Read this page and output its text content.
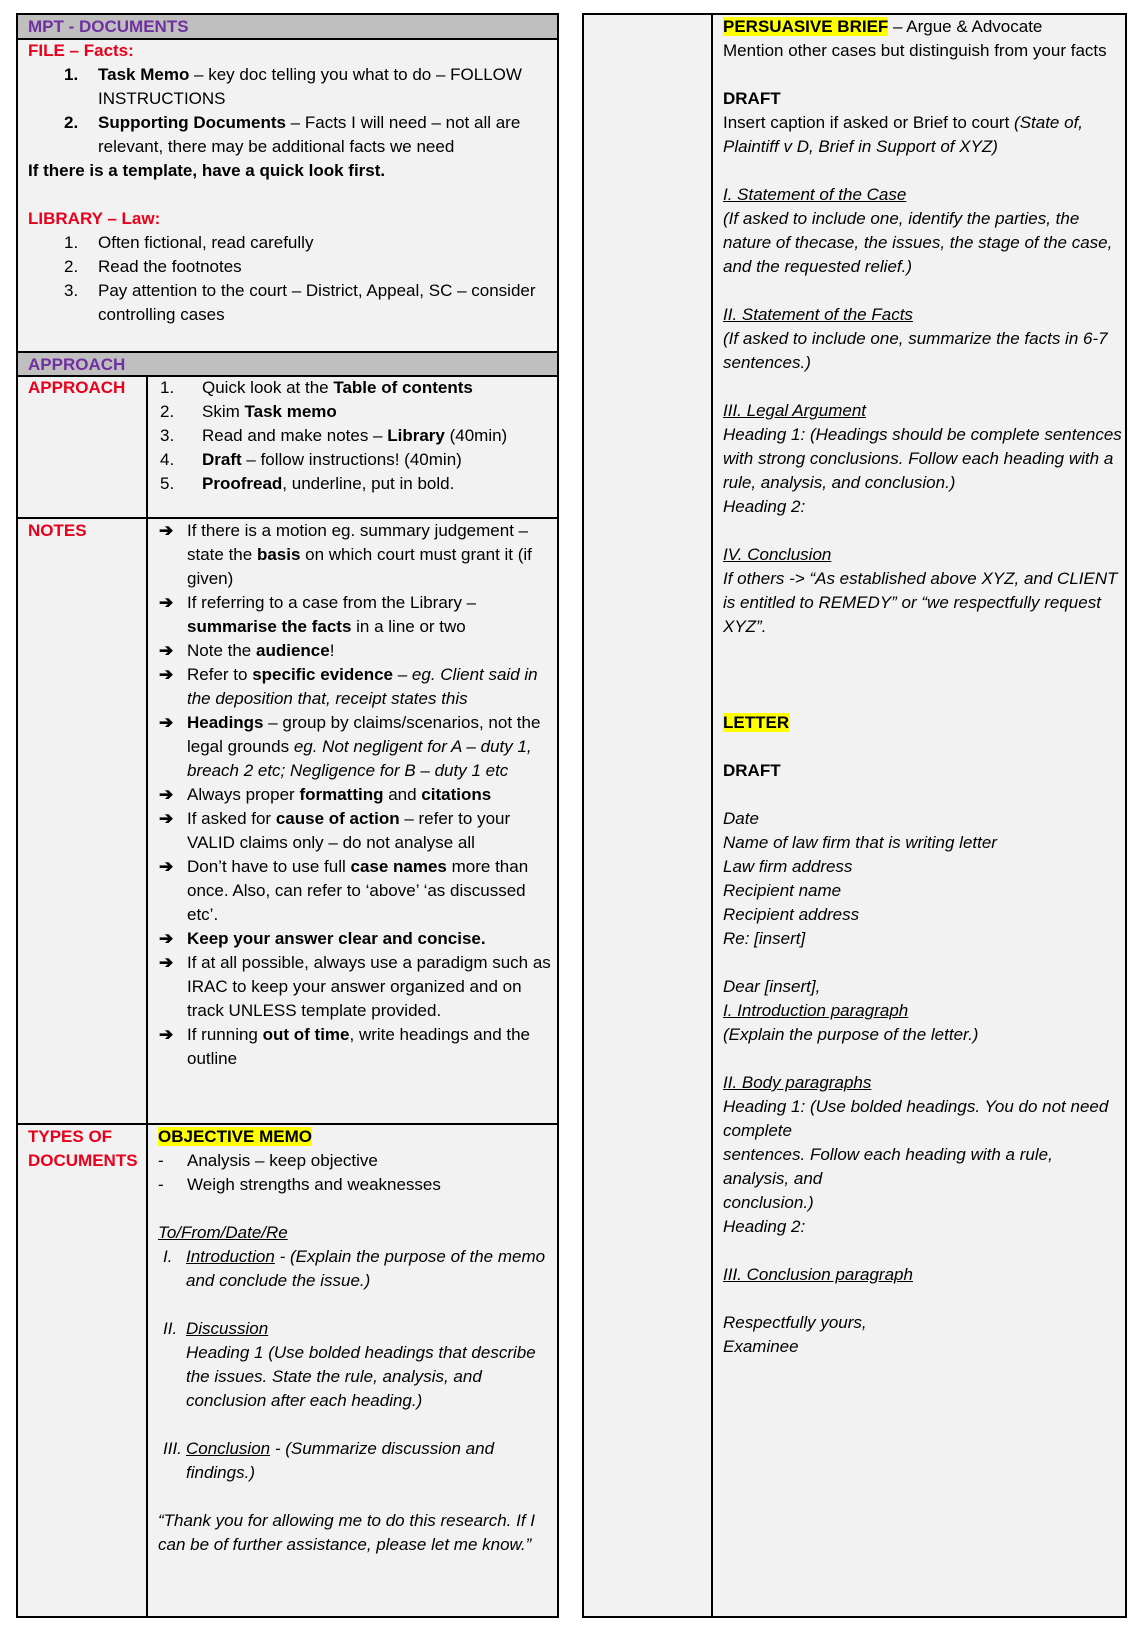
MPT - DOCUMENTS
FILE – Facts:
1. Task Memo – key doc telling you what to do – FOLLOW INSTRUCTIONS
2. Supporting Documents – Facts I will need – not all are relevant, there may be additional facts we need
If there is a template, have a quick look first.
LIBRARY – Law:
1. Often fictional, read carefully
2. Read the footnotes
3. Pay attention to the court – District, Appeal, SC – consider controlling cases
APPROACH
APPROACH 1. Quick look at the Table of contents
2. Skim Task memo
3. Read and make notes – Library (40min)
4. Draft – follow instructions! (40min)
5. Proofread, underline, put in bold.
NOTES	➔ If there is a motion eg. summary judgement – state the basis on which court must grant it (if given)
➔ If referring to a case from the Library – summarise the facts in a line or two
➔ Note the audience!
➔ Refer to specific evidence – eg. Client said in the deposition that, receipt states this
➔ Headings – group by claims/scenarios, not the legal grounds eg. Not negligent for A – duty 1, breach 2 etc; Negligence for B – duty 1 etc
➔ Always proper formatting and citations
➔ If asked for cause of action – refer to your VALID claims only – do not analyse all
➔ Don’t have to use full case names more than once. Also, can refer to ‘above’ ‘as discussed etc’.
➔ Keep your answer clear and concise.
➔ If at all possible, always use a paradigm such as IRAC to keep your answer organized and on track UNLESS template provided.
➔ If running out of time, write headings and the outline
TYPES OF
DOCUMENTS
OBJECTIVE MEMO
- Analysis – keep objective
- Weigh strengths and weaknesses
To/From/Date/Re
I. Introduction - (Explain the purpose of the memo and conclude the issue.)
II. Discussion
Heading 1 (Use bolded headings that describe the issues. State the rule, analysis, and conclusion after each heading.)
III. Conclusion - (Summarize discussion and findings.)
“Thank you for allowing me to do this research. If I can be of further assistance, please let me know.”
PERSUASIVE BRIEF – Argue & Advocate
Mention other cases but distinguish from your facts
DRAFT
Insert caption if asked or Brief to court (State of, Plaintiff v D, Brief in Support of XYZ)
I. Statement of the Case
(If asked to include one, identify the parties, the nature of thecase, the issues, the stage of the case, and the requested relief.)
II. Statement of the Facts
(If asked to include one, summarize the facts in 6-7 sentences.)
III. Legal Argument
Heading 1: (Headings should be complete sentences with strong conclusions. Follow each heading with a rule, analysis, and conclusion.)
Heading 2:
IV. Conclusion
If others -> “As established above XYZ, and CLIENT is entitled to REMEDY” or “we respectfully request XYZ”.
LETTER
DRAFT
Date
Name of law firm that is writing letter
Law firm address
Recipient name
Recipient address
Re: [insert]
Dear [insert],
I. Introduction paragraph
(Explain the purpose of the letter.)
II. Body paragraphs
Heading 1: (Use bolded headings. You do not need complete
sentences. Follow each heading with a rule, analysis, and
conclusion.)
Heading 2:
III. Conclusion paragraph
Respectfully yours,
Examinee
